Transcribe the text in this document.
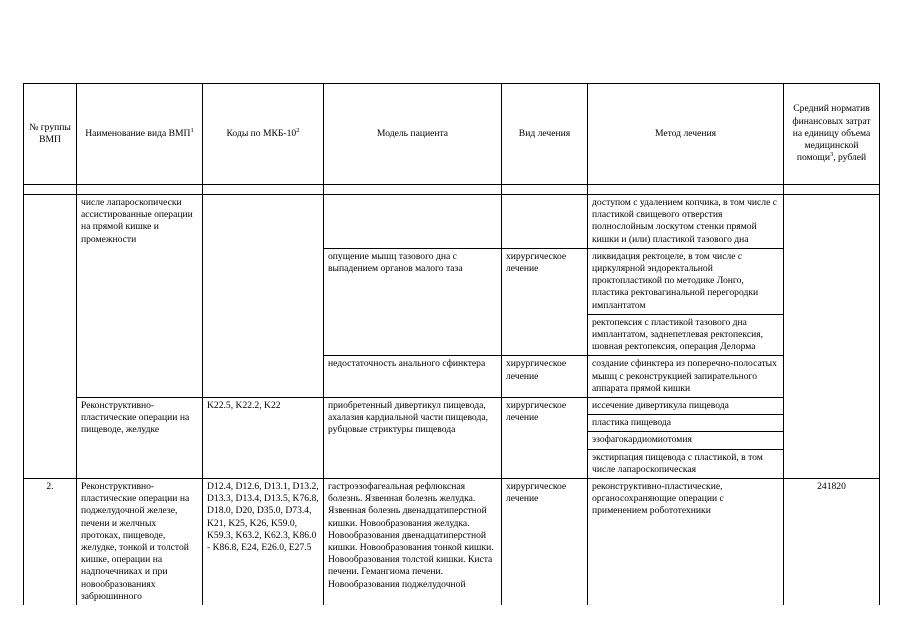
№ группы ВМП	Наименование вида ВМП$^1$	Коды по МКБ-$10^2$	Модель пациента	Вид лечения	Метод лечения	Средний норматив финансовых затрат на единицу объема медицинской помощи$^3$, рублей

	числе лапароскопически ассистированные операции на прямой кишке и промежности				доступом с удалением копчика, в том числе с пластикой свищевого отверстия полнослойным лоскутом стенки прямой кишки и (или) пластикой тазового дна	
			опущение мышц тазового дна с выпадением органов малого таза	хирургическое лечение	ликвидация ректоцеле, в том числе с циркулярной эндоректальной проктопластикой по методике Лонго, пластика ректовагинальной перегородки имплантатом	
					ректопексия с пластикой тазового дна имплантатом, заднепетлевая ректопексия, шовная ректопексия, операция Делорма	
			недостаточность анального сфинктера	хирургическое лечение	создание сфинктера из поперечно-полосатых мышц с реконструкцией запирательного аппарата прямой кишки	
	Реконструктивно-пластические операции на пищеводе, желудке	K22.5, K22.2, K22	приобретенный дивертикул пищевода, ахалазия кардиальной части пищевода, рубцовые стриктуры пищевода	хирургическое лечение	иссечение дивертикула пищевода	
					пластика пищевода	
					эзофагокардиомиотомия	
					экстирпация пищевода с пластикой, в том числе лапароскопическая	
2.	Реконструктивно-пластические операции на поджелудочной железе, печени и желчных протоках, пищеводе, желудке, тонкой и толстой кишке, операции на надпочечниках и при новообразованиях забрюшинного	D12.4, D12.6, D13.1, D13.2, D13.3, D13.4, D13.5, K76.8, D18.0, D20, D35.0, D73.4, K21, K25, K26, K59.0, K59.3, K63.2, K62.3, K86.0 - K86.8, E24, E26.0, E27.5	гастроэзофагеальная рефлюксная болезнь. Язвенная болезнь желудка. Язвенная болезнь двенадцатиперстной кишки. Новообразования желудка. Новообразования двенадцатиперстной кишки. Новообразования тонкой кишки. Новообразования толстой кишки. Киста печени. Гемангиома печени. Новообразования поджелудочной	хирургическое лечение	реконструктивно-пластические, органосохраняющие операции с применением робототехники	241820
